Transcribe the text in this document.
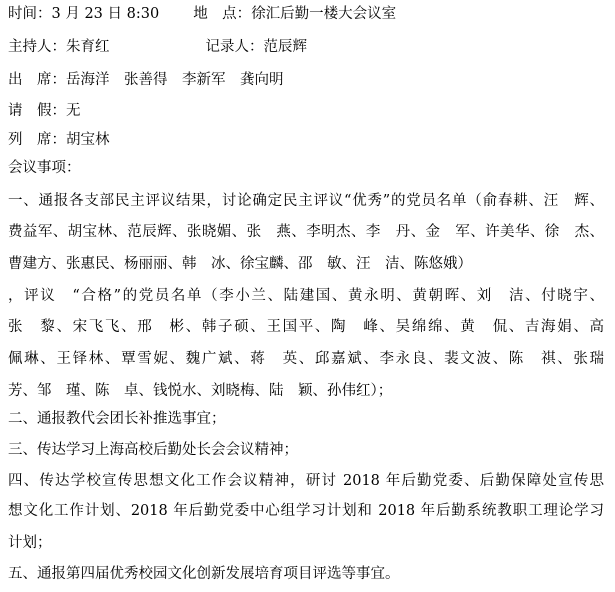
时间：3 月 23 日 8:30 地　点：徐汇后勤一楼大会议室
主持人：朱育红	记录人：范辰辉
出　席：岳海洋　张善得　李新军　龚向明
请　假：无
列　席：胡宝林
会议事项：
一、通报各支部民主评议结果，讨论确定民主评议“优秀”的党员名单（俞春耕、汪　辉、
费益军、胡宝林、范辰辉、张晓媚、张　燕、李明杰、李　丹、金　军、许美华、徐　杰、
曹建方、张惠民、杨丽丽、韩　冰、徐宝麟、邵　敏、汪　洁、陈悠娥）
，评议　“合格”的党员名单（李小兰、陆建国、黄永明、黄朝晖、刘　洁、付晓宇、
张　黎、宋飞飞、邢　彬、韩子硕、王国平、陶　峰、吴绵绵、黄　侃、吉海娟、高
佩琳、王铎林、覃雪妮、魏广斌、蒋　英、邱嘉斌、李永良、裴文波、陈　祺、张瑞
芳、邹　瑾、陈　卓、钱悦水、刘晓梅、陆　颖、孙伟红）；
二、通报教代会团长补推选事宜；
三、传达学习上海高校后勤处长会会议精神；
四、传达学校宣传思想文化工作会议精神，研讨 2018 年后勤党委、后勤保障处宣传思
想文化工作计划、2018 年后勤党委中心组学习计划和 2018 年后勤系统教职工理论学习
计划；
五、通报第四届优秀校园文化创新发展培育项目评选等事宜。
